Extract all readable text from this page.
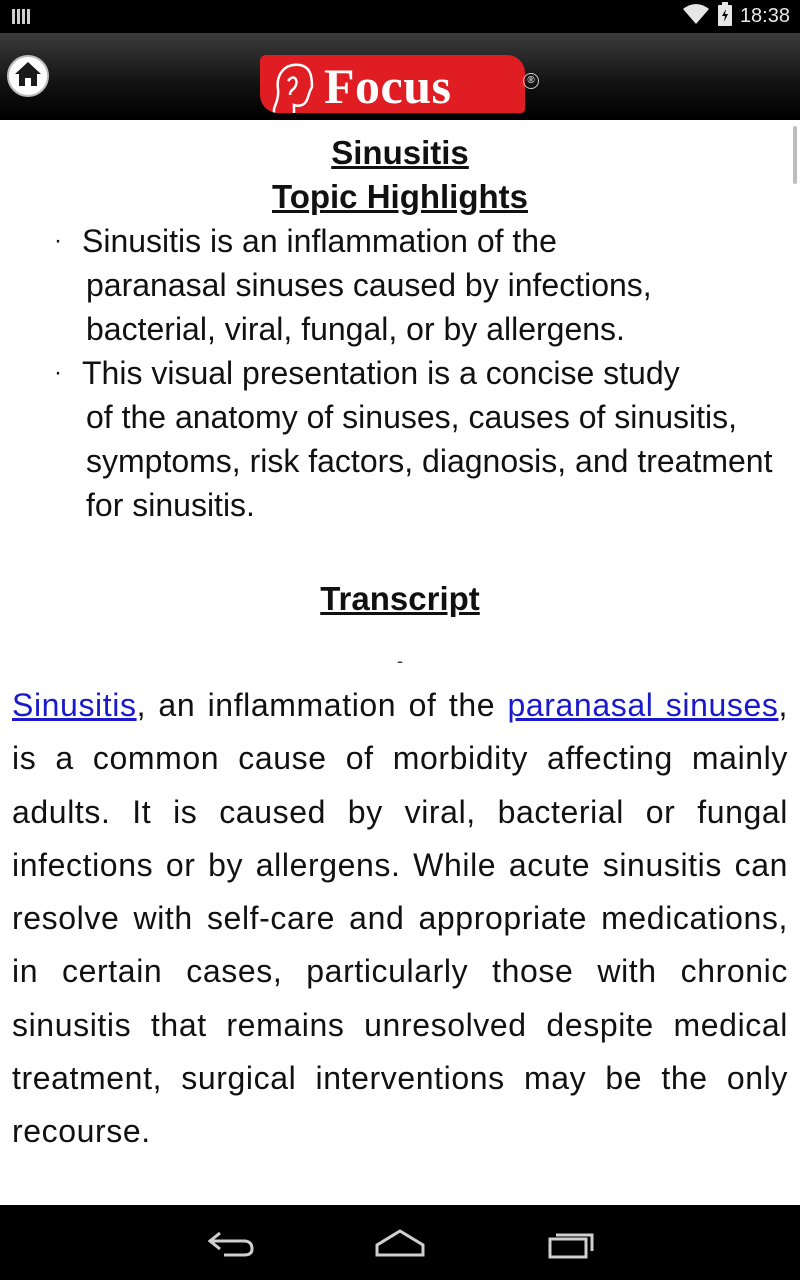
18:38
Focus	®

Sinusitis

Topic Highlights

· Sinusitis is an inflammation of the
paranasal sinuses caused by infections, bacterial, viral, fungal, or by allergens.
· This visual presentation is a concise study
of the anatomy of sinuses, causes of sinusitis, symptoms, risk factors, diagnosis, and treatment for sinusitis.

Transcript

-

Sinusitis, an inflammation of the paranasal sinuses, is a common cause of morbidity affecting mainly adults. It is caused by viral, bacterial or fungal infections or by allergens. While acute sinusitis can resolve with self-care and appropriate medications, in certain cases, particularly those with chronic sinusitis that remains unresolved despite medical treatment, surgical interventions may be the only recourse.
